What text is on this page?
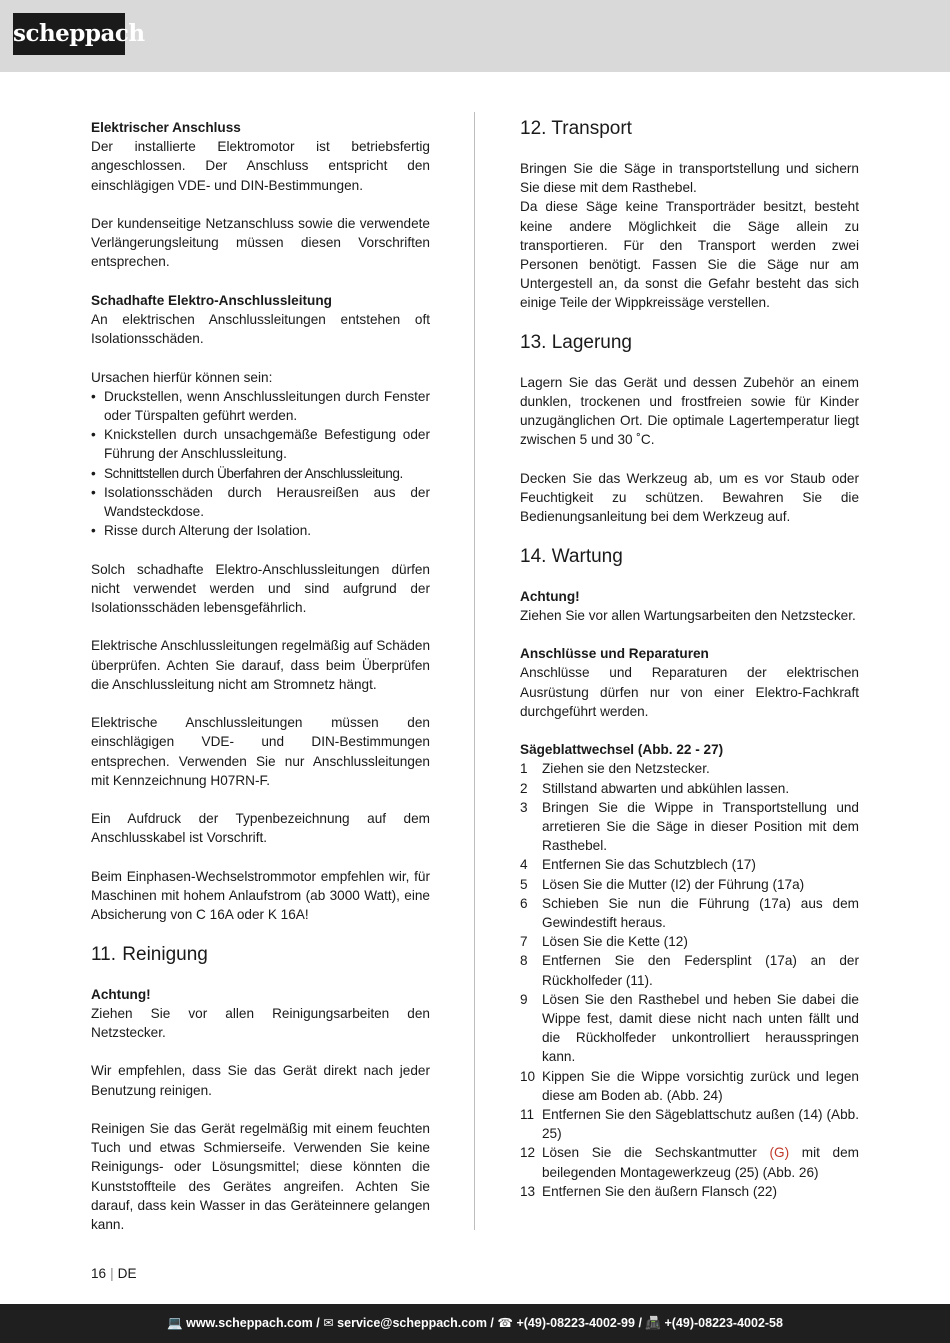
scheppach

Elektrischer Anschluss
Der installierte Elektromotor ist betriebsfertig angeschlossen. Der Anschluss entspricht den einschlägigen VDE- und DIN-Bestimmungen.

Der kundenseitige Netzanschluss sowie die verwendete Verlängerungsleitung müssen diesen Vorschriften entsprechen.

Schadhafte Elektro-Anschlussleitung
An elektrischen Anschlussleitungen entstehen oft Isolationsschäden.

Ursachen hierfür können sein:
• Druckstellen, wenn Anschlussleitungen durch Fenster oder Türspalten geführt werden.
• Knickstellen durch unsachgemäße Befestigung oder Führung der Anschlussleitung.
• Schnittstellen durch Überfahren der Anschlussleitung.
• Isolationsschäden durch Herausreißen aus der Wandsteckdose.
• Risse durch Alterung der Isolation.

Solch schadhafte Elektro-Anschlussleitungen dürfen nicht verwendet werden und sind aufgrund der Isolationsschäden lebensgefährlich.

Elektrische Anschlussleitungen regelmäßig auf Schäden überprüfen. Achten Sie darauf, dass beim Überprüfen die Anschlussleitung nicht am Stromnetz hängt.

Elektrische Anschlussleitungen müssen den einschlägigen VDE- und DIN-Bestimmungen entsprechen. Verwenden Sie nur Anschlussleitungen mit Kennzeichnung H07RN-F.

Ein Aufdruck der Typenbezeichnung auf dem Anschlusskabel ist Vorschrift.

Beim Einphasen-Wechselstrommotor empfehlen wir, für Maschinen mit hohem Anlaufstrom (ab 3000 Watt), eine Absicherung von C 16A oder K 16A!

11. Reinigung

Achtung!
Ziehen Sie vor allen Reinigungsarbeiten den Netzstecker.

Wir empfehlen, dass Sie das Gerät direkt nach jeder Benutzung reinigen.

Reinigen Sie das Gerät regelmäßig mit einem feuchten Tuch und etwas Schmierseife. Verwenden Sie keine Reinigungs- oder Lösungsmittel; diese könnten die Kunststoffteile des Gerätes angreifen. Achten Sie darauf, dass kein Wasser in das Geräteinnere gelangen kann.

12. Transport

Bringen Sie die Säge in transportstellung und sichern Sie diese mit dem Rasthebel.
Da diese Säge keine Transporträder besitzt, besteht keine andere Möglichkeit die Säge allein zu transportieren. Für den Transport werden zwei Personen benötigt. Fassen Sie die Säge nur am Untergestell an, da sonst die Gefahr besteht das sich einige Teile der Wippkreissäge verstellen.

13. Lagerung

Lagern Sie das Gerät und dessen Zubehör an einem dunklen, trockenen und frostfreien sowie für Kinder unzugänglichen Ort. Die optimale Lagertemperatur liegt zwischen 5 und 30 ˚C.

Decken Sie das Werkzeug ab, um es vor Staub oder Feuchtigkeit zu schützen. Bewahren Sie die Bedienungsanleitung bei dem Werkzeug auf.

14. Wartung

Achtung!
Ziehen Sie vor allen Wartungsarbeiten den Netzstecker.

Anschlüsse und Reparaturen
Anschlüsse und Reparaturen der elektrischen Ausrüstung dürfen nur von einer Elektro-Fachkraft durchgeführt werden.

Sägeblattwechsel (Abb. 22 - 27)
1	Ziehen sie den Netzstecker.
2	Stillstand abwarten und abkühlen lassen.
3	Bringen Sie die Wippe in Transportstellung und arretieren Sie die Säge in dieser Position mit dem Rasthebel.
4	Entfernen Sie das Schutzblech (17)
5	Lösen Sie die Mutter (I2) der Führung (17a)
6	Schieben Sie nun die Führung (17a) aus dem Gewindestift heraus.
7	Lösen Sie die Kette (12)
8	Entfernen Sie den Federsplint (17a) an der Rückholfeder (11).
9	Lösen Sie den Rasthebel und heben Sie dabei die Wippe fest, damit diese nicht nach unten fällt und die Rückholfeder unkontrolliert herausspringen kann.
10 Kippen Sie die Wippe vorsichtig zurück und legen diese am Boden ab. (Abb. 24)
11 Entfernen Sie den Sägeblattschutz außen (14) (Abb. 25)
12 Lösen Sie die Sechskantmutter (G) mit dem beilegenden Montagewerkzeug (25) (Abb. 26)
13 Entfernen Sie den äußern Flansch (22)
16 | DE
💻 www.scheppach.com / ✉ service@scheppach.com / ☎ +(49)-08223-4002-99 / 📠 +(49)-08223-4002-58
